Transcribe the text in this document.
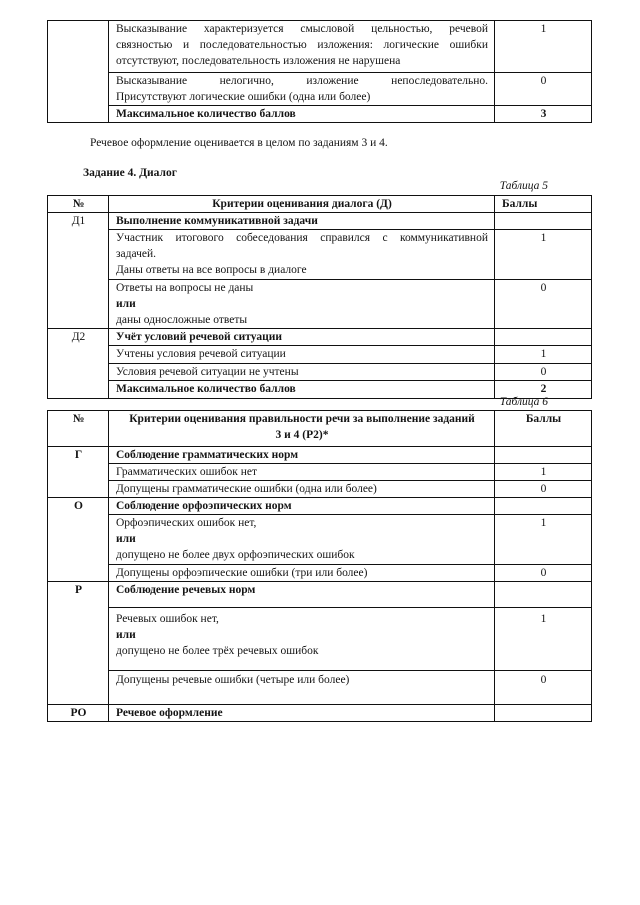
	Высказывание характеризуется смысловой цельностью, речевой
связностью и последовательностью изложения: логические ошибки
отсутствуют, последовательность изложения не нарушена	1

	Высказывание нелогично, изложение непоследовательно.
Присутствуют логические ошибки (одна или более)	0
	Максимальное количество баллов	3
Речевое оформление оценивается в целом по заданиям 3 и 4.
Задание 4. Диалог
Таблица 5
№	Критерии оценивания диалога (Д)	Баллы
Д1	Выполнение коммуникативной задачи	

	Участник итогового собеседования справился с коммуникативной
задачей.
Даны ответы на все вопросы в диалоге	1

	Ответы на вопросы не даны
или
даны односложные ответы	0
Д2	Учёт условий речевой ситуации	
	Учтены условия речевой ситуации	1
	Условия речевой ситуации не учтены	0
	Максимальное количество баллов	2
Таблица 6
№	Критерии оценивания правильности речи за выполнение заданий
3 и 4 (Р2)*	Баллы
Г	Соблюдение грамматических норм	
	Грамматических ошибок нет	1
	Допущены грамматические ошибки (одна или более)	0
О	Соблюдение орфоэпических норм	

	Орфоэпических ошибок нет,
или
допущено не более двух орфоэпических ошибок	1
	Допущены орфоэпические ошибки (три или более)	0
Р	Соблюдение речевых норм	

	Речевых ошибок нет,
или
допущено не более трёх речевых ошибок	1
	Допущены речевые ошибки (четыре или более)	0
РО	Речевое оформление	
